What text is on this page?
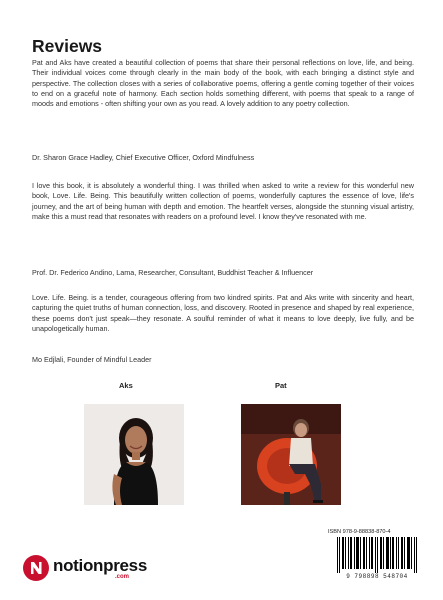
Reviews

Pat and Aks have created a beautiful collection of poems that share their personal reflections on love, life, and being. Their individual voices come through clearly in the main body of the book, with each bringing a distinct style and perspective. The collection closes with a series of collaborative poems, offering a gentle coming together of their voices to end on a graceful note of harmony. Each section holds something different, with poems that speak to a range of moods and emotions - often shifting your own as you read. A lovely addition to any poetry collection.

Dr. Sharon Grace Hadley, Chief Executive Officer, Oxford Mindfulness

I love this book, it is absolutely a wonderful thing. I was thrilled when asked to write a review for this wonderful new book, Love. Life. Being. This beautifully written collection of poems, wonderfully captures the essence of love, life's journey, and the art of being human with depth and emotion. The heartfelt verses, alongside the stunning visual artistry, make this a must read that resonates with readers on a profound level. I know they've resonated with me.

Prof. Dr. Federico Andino, Lama, Researcher, Consultant, Buddhist Teacher & Influencer

Love. Life. Being. is a tender, courageous offering from two kindred spirits. Pat and Aks write with sincerity and heart, capturing the quiet truths of human connection, loss, and discovery. Rooted in presence and shaped by real experience, these poems don't just speak—they resonate. A soulful reminder of what it means to love deeply, live fully, and be unapologetically human.

Mo Edjlali, Founder of Mindful Leader

Aks	Pat
ISBN 978-9-88838-870-4
9 798898 548704
notionpress
.com
